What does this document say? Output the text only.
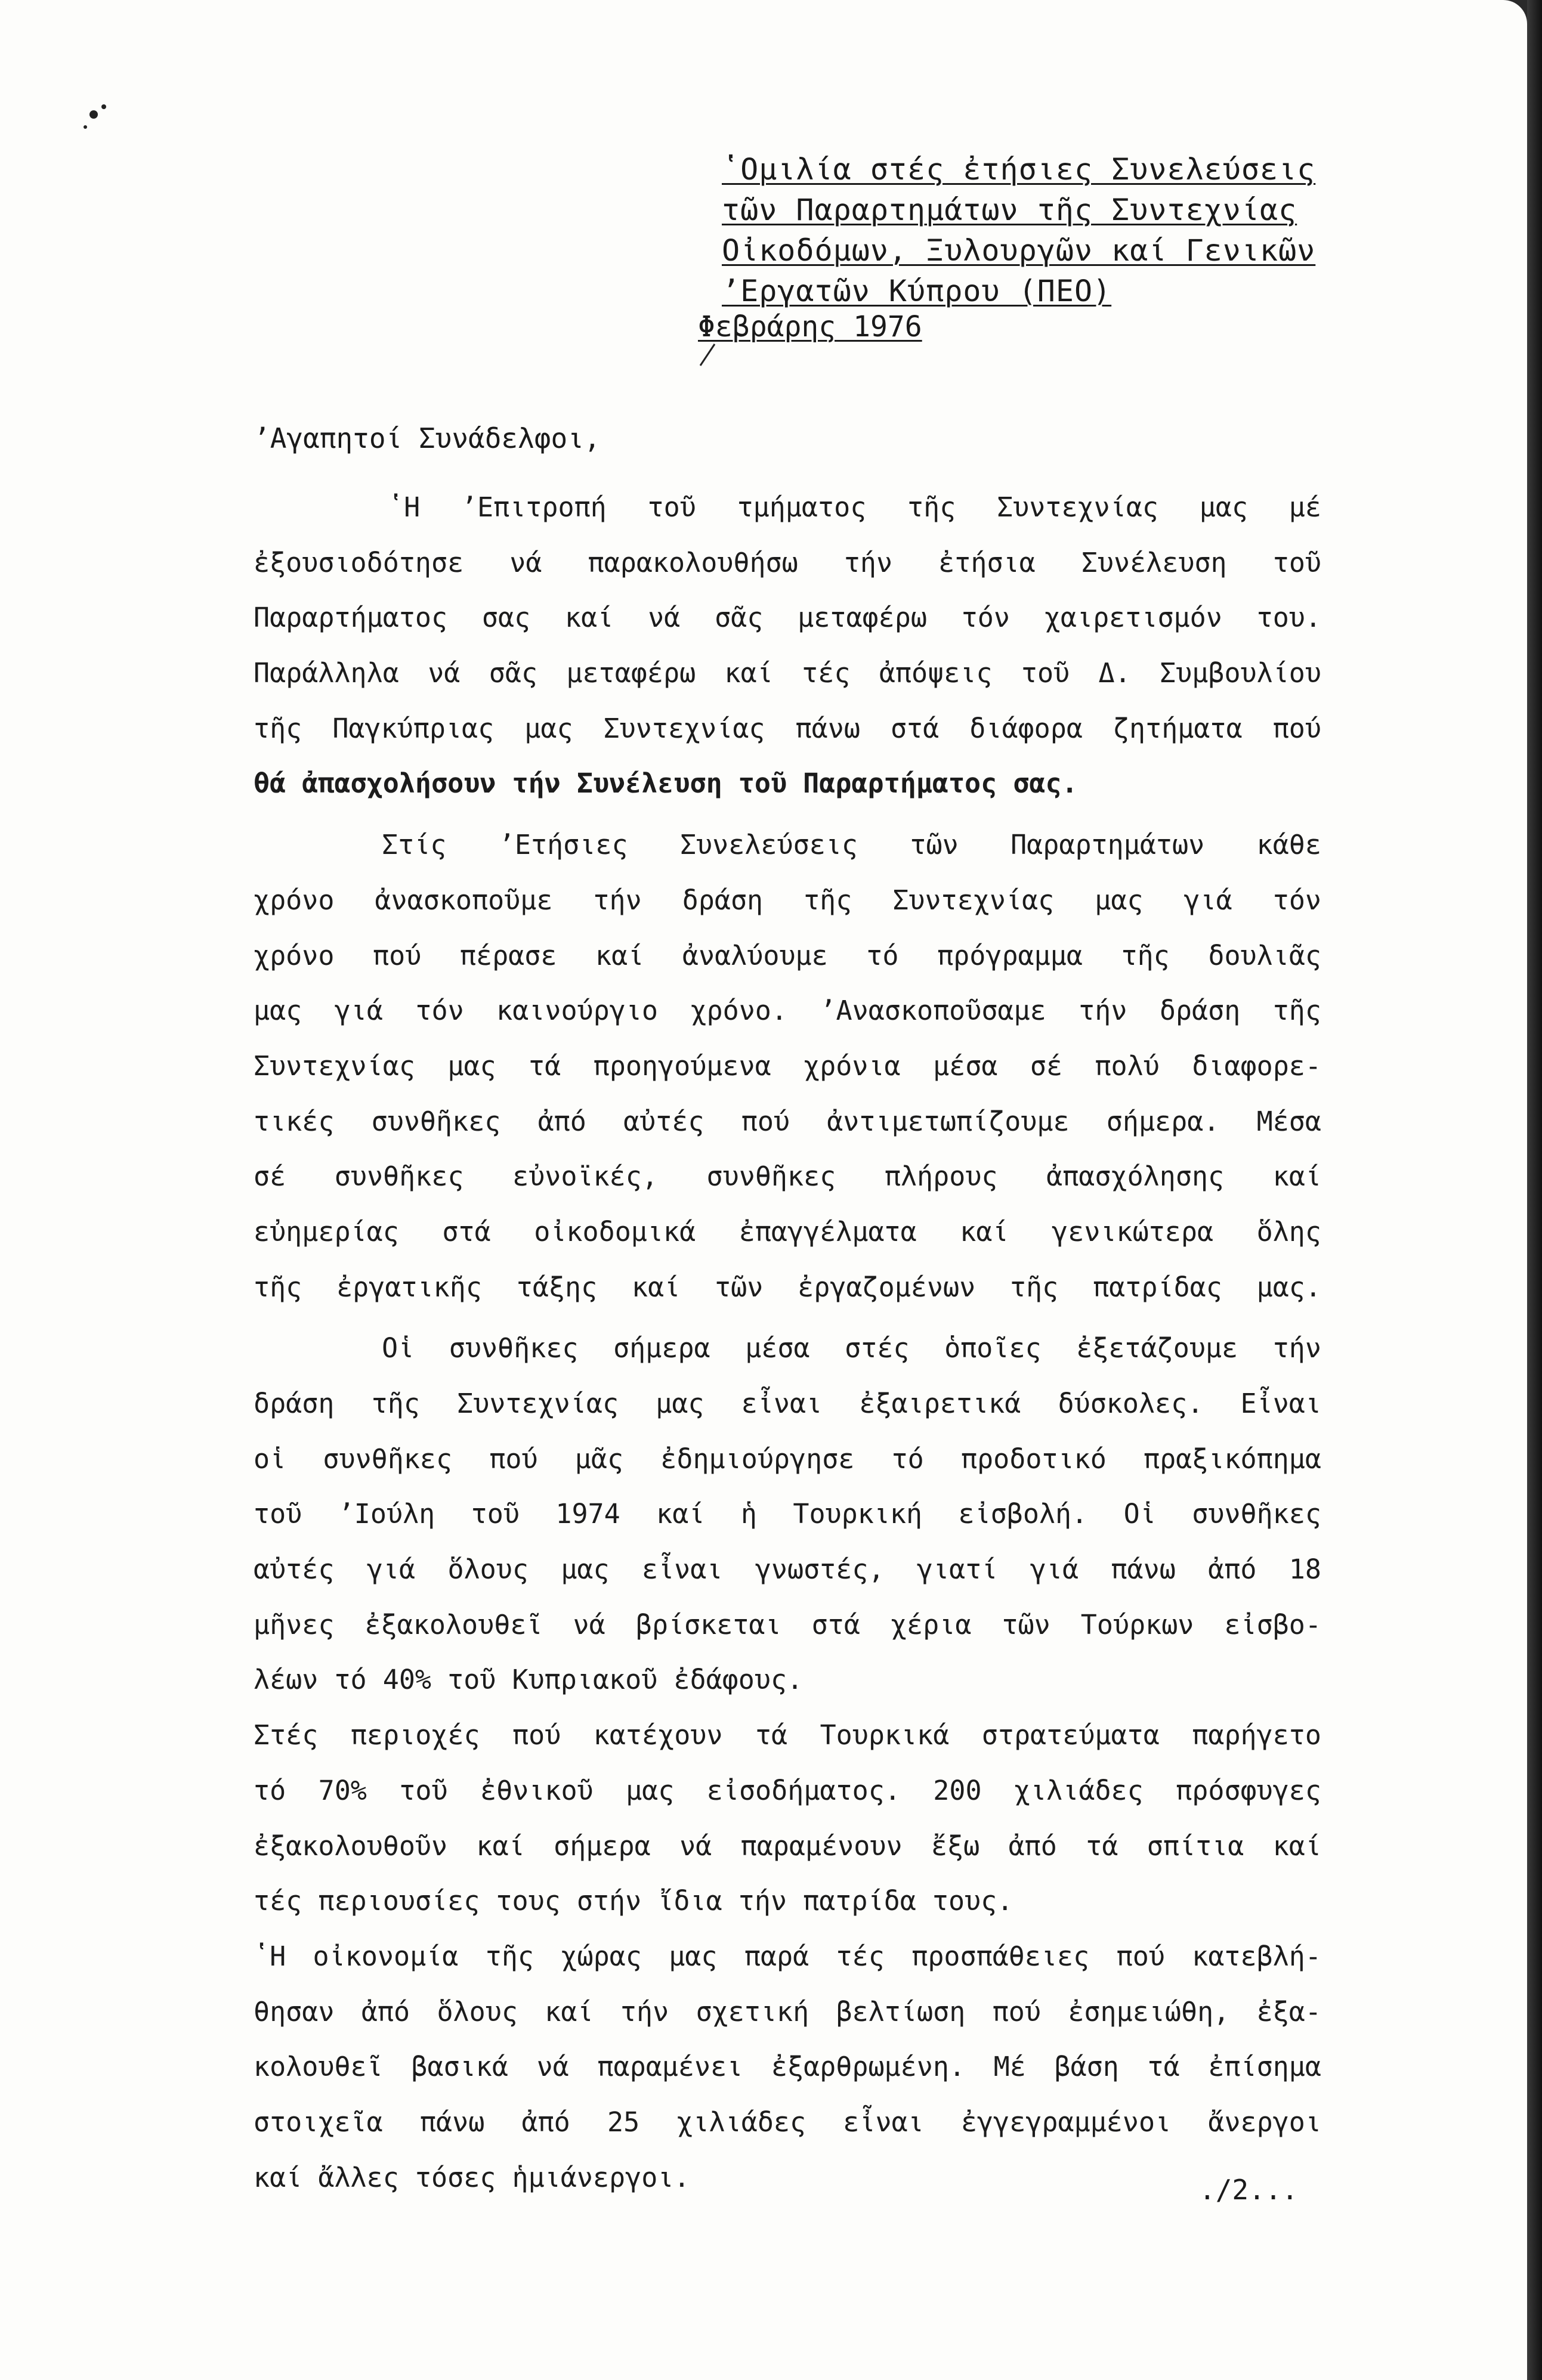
ʽΟμιλία στές ἐτήσιες Συνελεύσεις
τῶν Παραρτημάτων τῆς Συντεχνίας
Οἰκοδόμων, Ξυλουργῶν καί Γενικῶν
ʼΕργατῶν Κύπρου (ΠΕΟ)
Φεβράρης 1976
ʼΑγαπητοί Συνάδελφοι,
ʽΗ ʼΕπιτροπή τοῦ τμήματος τῆς Συντεχνίας μας μέ
ἐξουσιοδότησε νά παρακολουθήσω τήν ἐτήσια Συνέλευση τοῦ
Παραρτήματος σας καί νά σᾶς μεταφέρω τόν χαιρετισμόν του.
Παράλληλα νά σᾶς μεταφέρω καί τές ἀπόψεις τοῦ Δ. Συμβουλίου
τῆς Παγκύπριας μας Συντεχνίας πάνω στά διάφορα ζητήματα πού
θά ἀπασχολήσουν τήν Συνέλευση τοῦ Παραρτήματος σας.
Στίς ʼΕτήσιες Συνελεύσεις τῶν Παραρτημάτων κάθε
χρόνο ἀνασκοποῦμε τήν δράση τῆς Συντεχνίας μας γιά τόν
χρόνο πού πέρασε καί ἀναλύουμε τό πρόγραμμα τῆς δουλιᾶς
μας γιά τόν καινούργιο χρόνο. ʼΑνασκοποῦσαμε τήν δράση τῆς
Συντεχνίας μας τά προηγούμενα χρόνια μέσα σέ πολύ διαφορε-
τικές συνθῆκες ἀπό αὐτές πού ἀντιμετωπίζουμε σήμερα. Μέσα
σέ συνθῆκες εὐνοϊκές, συνθῆκες πλήρους ἀπασχόλησης καί
εὐημερίας στά οἰκοδομικά ἐπαγγέλματα καί γενικώτερα ὅλης
τῆς ἐργατικῆς τάξης καί τῶν ἐργαζομένων τῆς πατρίδας μας.
Οἱ συνθῆκες σήμερα μέσα στές ὁποῖες ἐξετάζουμε τήν
δράση τῆς Συντεχνίας μας εἶναι ἐξαιρετικά δύσκολες. Εἶναι
οἱ συνθῆκες πού μᾶς ἐδημιούργησε τό προδοτικό πραξικόπημα
τοῦ ʼΙούλη τοῦ 1974 καί ἡ Τουρκική εἰσβολή. Οἱ συνθῆκες
αὐτές γιά ὅλους μας εἶναι γνωστές, γιατί γιά πάνω ἀπό 18
μῆνες ἐξακολουθεῖ νά βρίσκεται στά χέρια τῶν Τούρκων εἰσβο-
λέων τό 40% τοῦ Κυπριακοῦ ἐδάφους.
Στές περιοχές πού κατέχουν τά Τουρκικά στρατεύματα παρήγετο
τό 70% τοῦ ἐθνικοῦ μας εἰσοδήματος. 200 χιλιάδες πρόσφυγες
ἐξακολουθοῦν καί σήμερα νά παραμένουν ἔξω ἀπό τά σπίτια καί
τές περιουσίες τους στήν ἴδια τήν πατρίδα τους.
ʽΗ οἰκονομία τῆς χώρας μας παρά τές προσπάθειες πού κατεβλή-
θησαν ἀπό ὅλους καί τήν σχετική βελτίωση πού ἐσημειώθη, ἐξα-
κολουθεῖ βασικά νά παραμένει ἐξαρθρωμένη. Μέ βάση τά ἐπίσημα
στοιχεῖα πάνω ἀπό 25 χιλιάδες εἶναι ἐγγεγραμμένοι ἄνεργοι
καί ἄλλες τόσες ἡμιάνεργοι.	./2...
